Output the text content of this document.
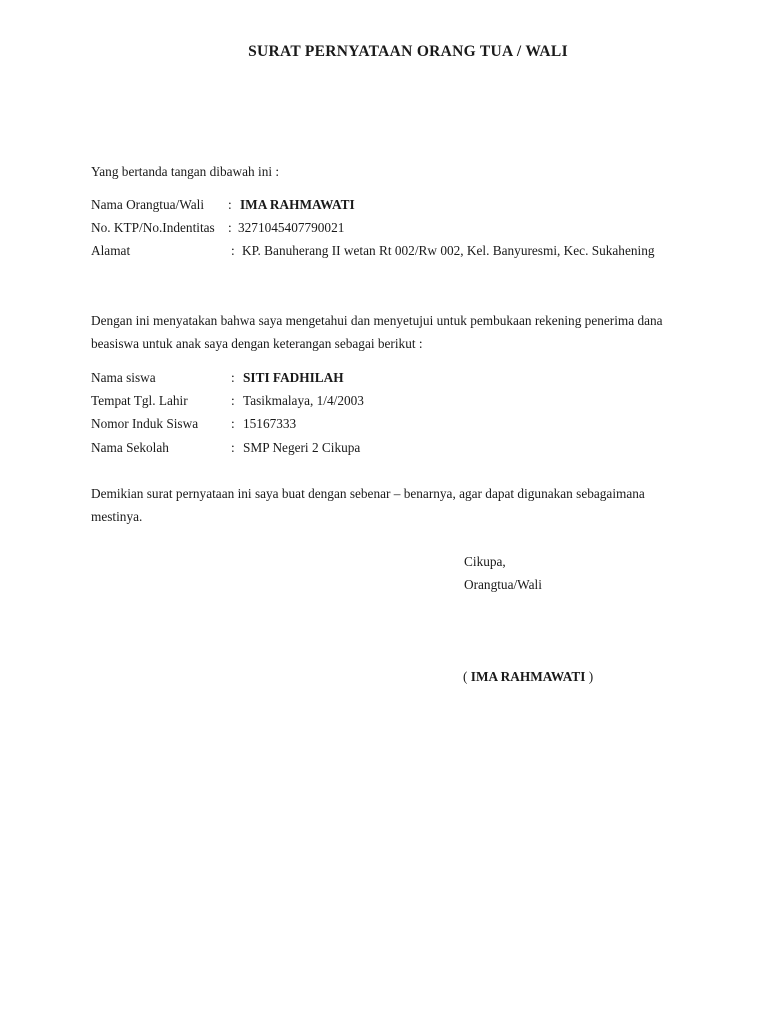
SURAT PERNYATAAN ORANG TUA / WALI
Yang bertanda tangan dibawah ini :
Nama Orangtua/Wali : IMA RAHMAWATI
No. KTP/No.Indentitas : 3271045407790021
Alamat	: KP. Banuherang II wetan Rt 002/Rw 002, Kel. Banyuresmi, Kec. Sukahening
Dengan ini menyatakan bahwa saya mengetahui dan menyetujui untuk pembukaan rekening penerima dana
beasiswa untuk anak saya dengan keterangan sebagai berikut :
Nama siswa	: SITI FADHILAH
Tempat Tgl. Lahir	: Tasikmalaya, 1/4/2003
Nomor Induk Siswa : 15167333
Nama Sekolah	: SMP Negeri 2 Cikupa
Demikian surat pernyataan ini saya buat dengan sebenar – benarnya, agar dapat digunakan sebagaimana
mestinya.
Cikupa,
Orangtua/Wali
( IMA RAHMAWATI )
